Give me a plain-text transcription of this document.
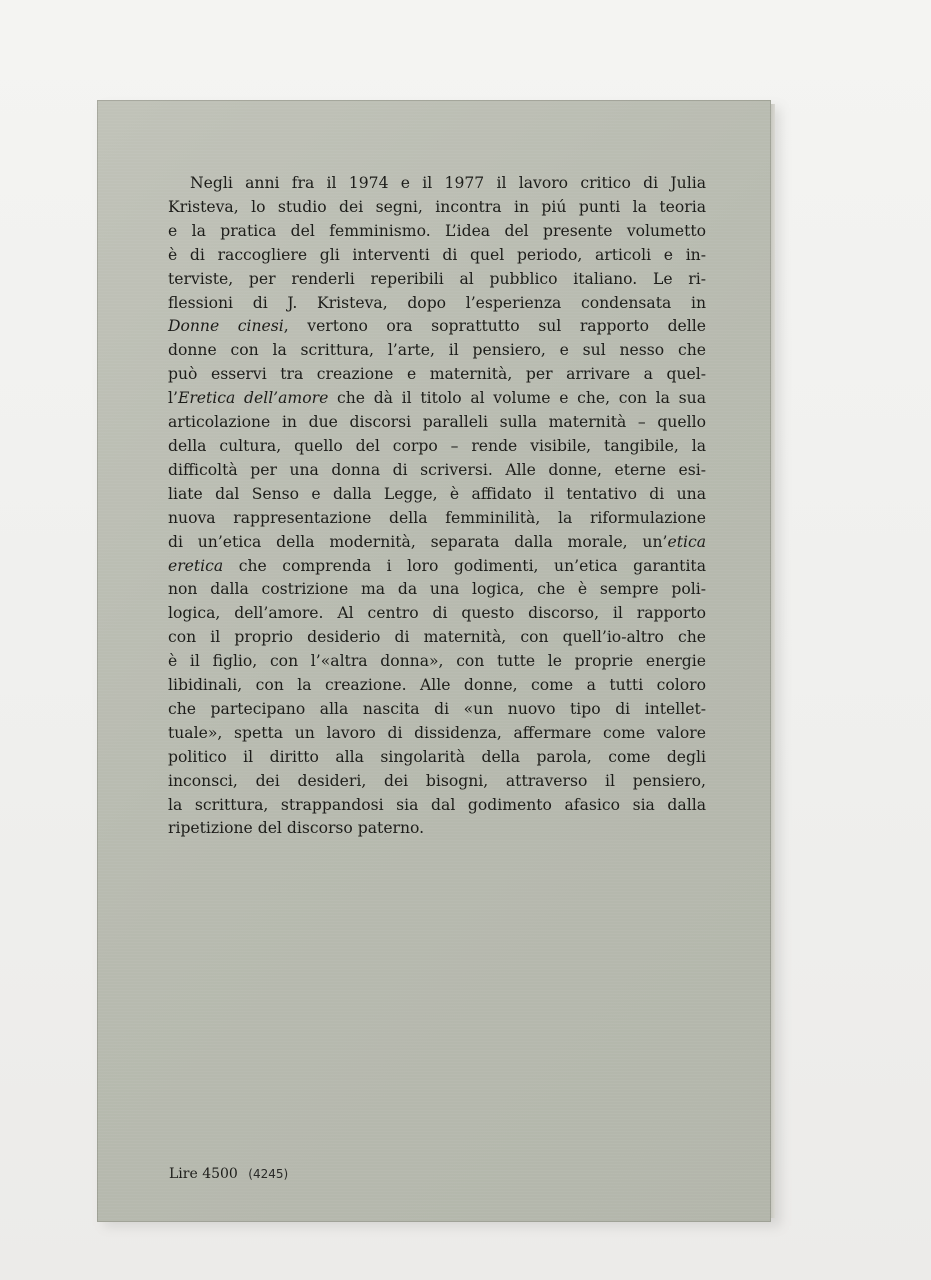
Negli anni fra il 1974 e il 1977 il lavoro critico di Julia
Kristeva, lo studio dei segni, incontra in piú punti la teoria
e la pratica del femminismo. L’idea del presente volumetto
è di raccogliere gli interventi di quel periodo, articoli e in-
terviste, per renderli reperibili al pubblico italiano. Le ri-
flessioni di J. Kristeva, dopo l’esperienza condensata in
Donne cinesi, vertono ora soprattutto sul rapporto delle
donne con la scrittura, l’arte, il pensiero, e sul nesso che
può esservi tra creazione e maternità, per arrivare a quel-
l’Eretica dell’amore che dà il titolo al volume e che, con la sua
articolazione in due discorsi paralleli sulla maternità – quello
della cultura, quello del corpo – rende visibile, tangibile, la
difficoltà per una donna di scriversi. Alle donne, eterne esi-
liate dal Senso e dalla Legge, è affidato il tentativo di una
nuova rappresentazione della femminilità, la riformulazione
di un’etica della modernità, separata dalla morale, un’etica
eretica che comprenda i loro godimenti, un’etica garantita
non dalla costrizione ma da una logica, che è sempre poli-
logica, dell’amore. Al centro di questo discorso, il rapporto
con il proprio desiderio di maternità, con quell’io-altro che
è il figlio, con l’«altra donna», con tutte le proprie energie
libidinali, con la creazione. Alle donne, come a tutti coloro
che partecipano alla nascita di «un nuovo tipo di intellet-
tuale», spetta un lavoro di dissidenza, affermare come valore
politico il diritto alla singolarità della parola, come degli
inconsci, dei desideri, dei bisogni, attraverso il pensiero,
la scrittura, strappandosi sia dal godimento afasico sia dalla
ripetizione del discorso paterno.
Lire 4500 (4245)
